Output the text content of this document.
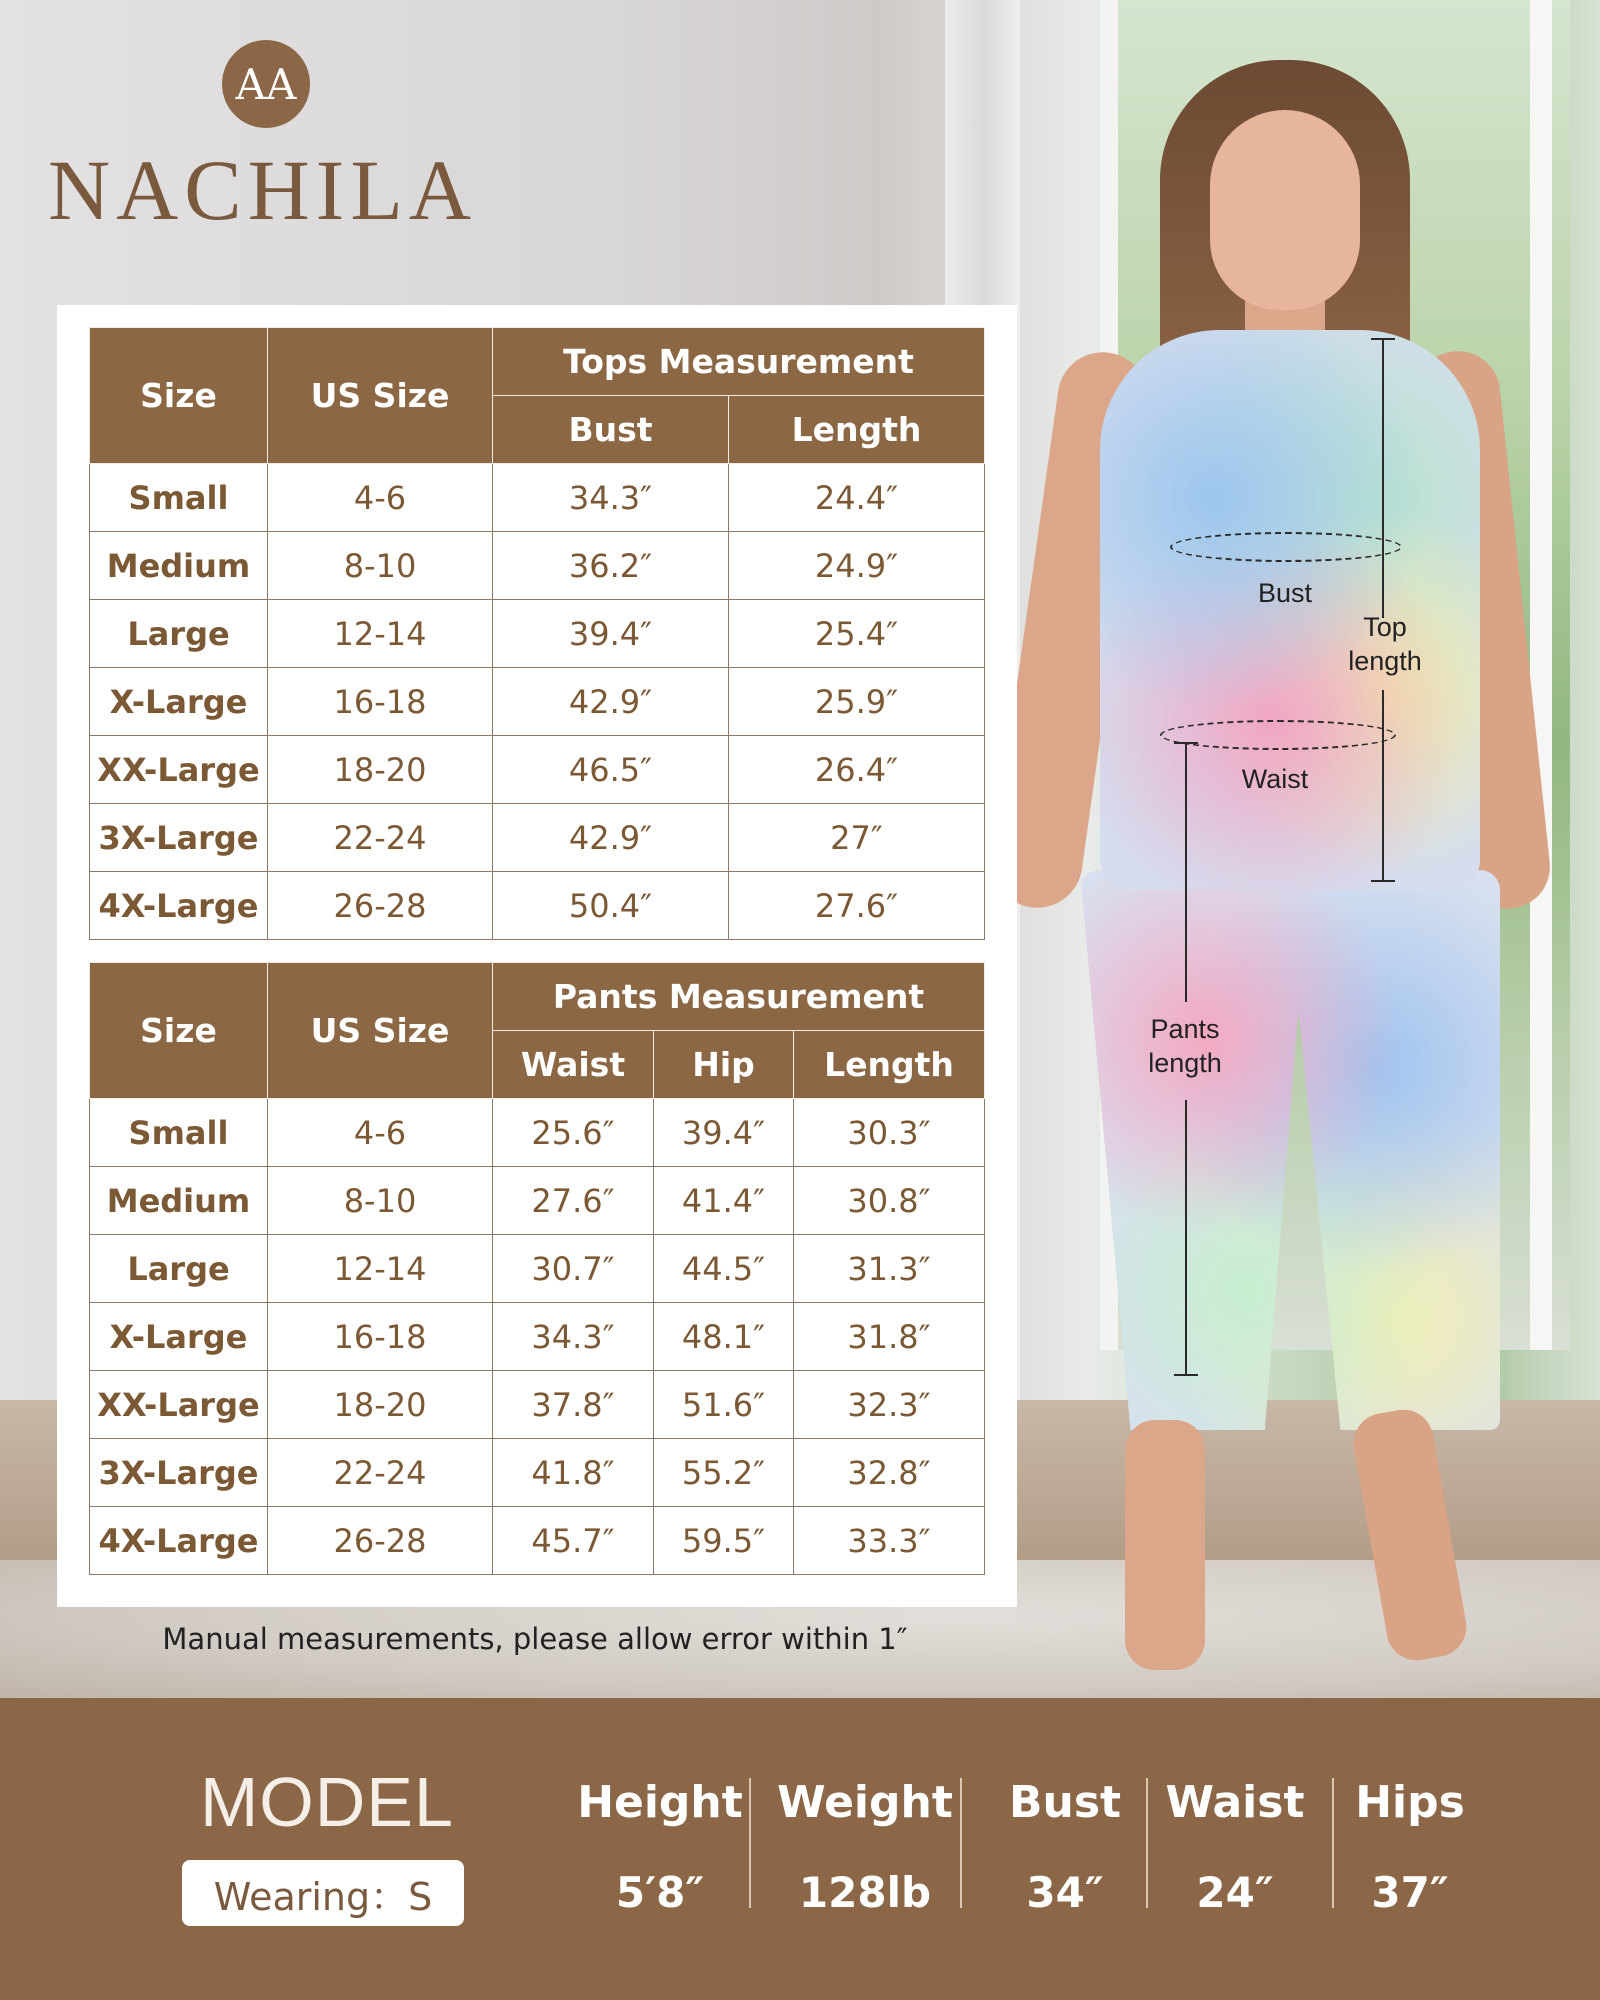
Bust
Waist
Top
length
Pants
length
AA
NACHILA
Size	US Size	Tops Measurement	
		Bust	Length
Small	4-6	34.3″	24.4″
Medium	8-10	36.2″	24.9″
Large	12-14	39.4″	25.4″
X-Large	16-18	42.9″	25.9″
XX-Large	18-20	46.5″	26.4″
3X-Large	22-24	42.9″	27″
4X-Large	26-28	50.4″	27.6″
Size	US Size	Pants Measurement		
		Waist	Hip	Length
Small	4-6	25.6″	39.4″	30.3″
Medium	8-10	27.6″	41.4″	30.8″
Large	12-14	30.7″	44.5″	31.3″
X-Large	16-18	34.3″	48.1″	31.8″
XX-Large	18-20	37.8″	51.6″	32.3″
3X-Large	22-24	41.8″	55.2″	32.8″
4X-Large	26-28	45.7″	59.5″	33.3″
Manual measurements, please allow error within 1″
MODEL
Wearing：S
Height
5′8″
Weight
128lb
Bust
34″
Waist
24″
Hips
37″
